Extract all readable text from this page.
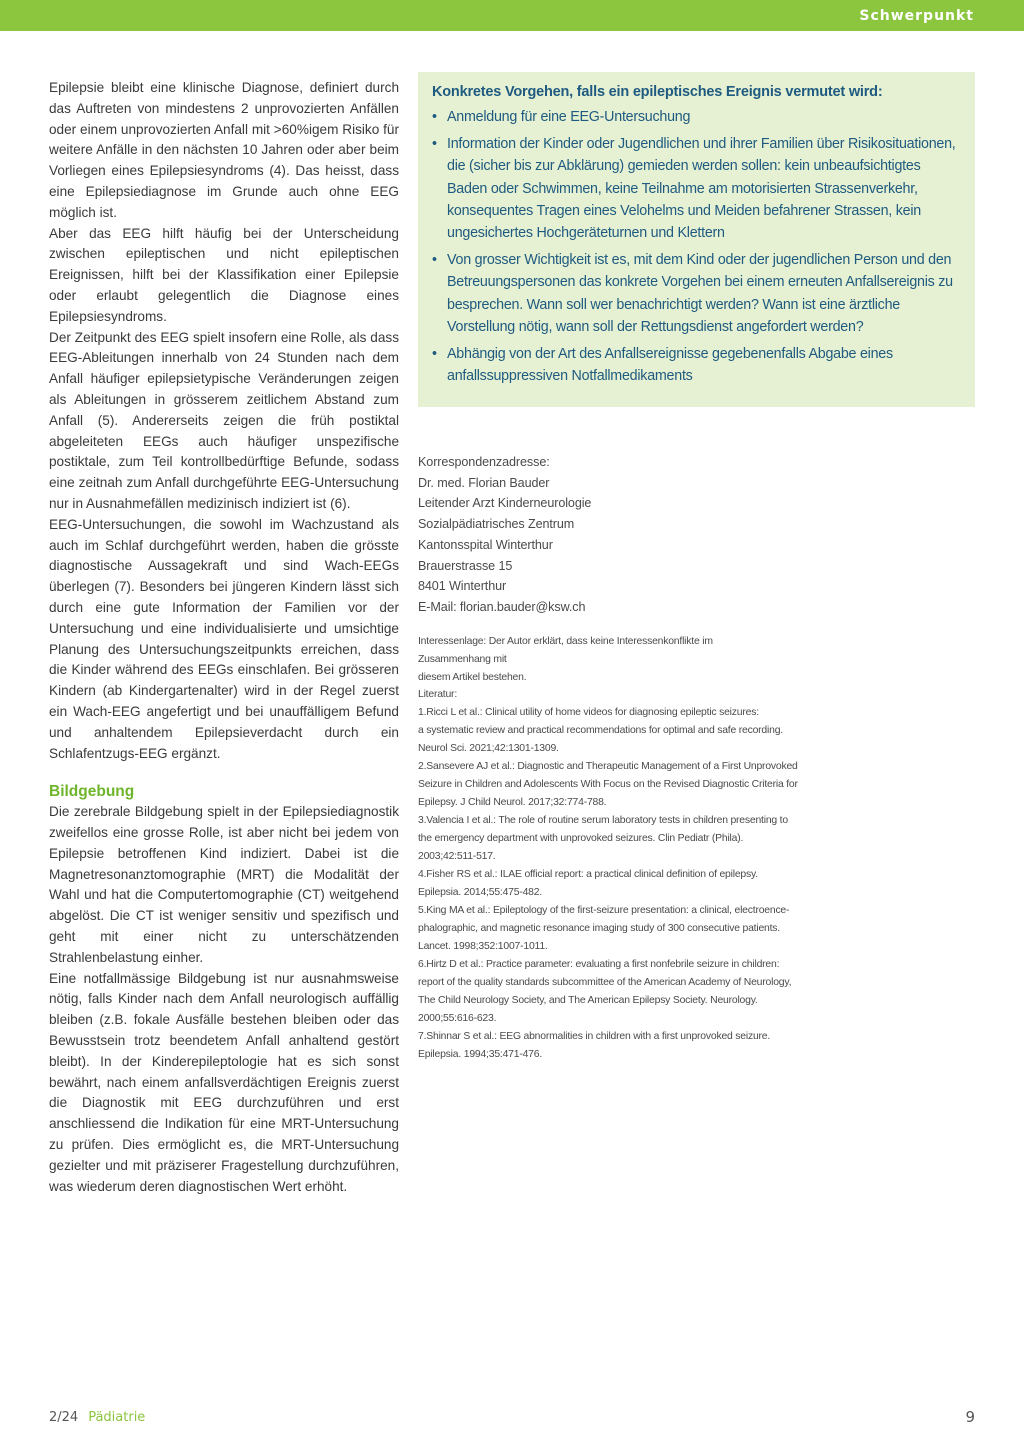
Schwerpunkt

Epilepsie bleibt eine klinische Diagnose, definiert durch das Auftreten von mindestens 2 unprovozierten Anfällen oder einem unprovozierten Anfall mit >60%igem Risiko für weitere Anfälle in den nächsten 10 Jahren oder aber beim Vorliegen eines Epilepsiesyndroms (4). Das heisst, dass eine Epilepsiediagnose im Grunde auch ohne EEG möglich ist.

Aber das EEG hilft häufig bei der Unterscheidung zwischen epileptischen und nicht epileptischen Ereignissen, hilft bei der Klassifikation einer Epilepsie oder erlaubt gelegentlich die Diagnose eines Epilepsiesyndroms.

Der Zeitpunkt des EEG spielt insofern eine Rolle, als dass EEG-Ableitungen innerhalb von 24 Stunden nach dem Anfall häufiger epilepsietypische Veränderungen zeigen als Ableitungen in grösserem zeitlichem Abstand zum Anfall (5). Andererseits zeigen die früh postiktal abgeleiteten EEGs auch häufiger unspezifische postiktale, zum Teil kontrollbedürftige Befunde, sodass eine zeitnah zum Anfall durchgeführte EEG-Untersuchung nur in Ausnahmefällen medizinisch indiziert ist (6).

EEG-Untersuchungen, die sowohl im Wachzustand als auch im Schlaf durchgeführt werden, haben die grösste diagnostische Aussagekraft und sind Wach-EEGs überlegen (7). Besonders bei jüngeren Kindern lässt sich durch eine gute Information der Familien vor der Untersuchung und eine individualisierte und umsichtige Planung des Untersuchungszeitpunkts erreichen, dass die Kinder während des EEGs einschlafen. Bei grösseren Kindern (ab Kindergartenalter) wird in der Regel zuerst ein Wach-EEG angefertigt und bei unauffälligem Befund und anhaltendem Epilepsieverdacht durch ein Schlafentzugs-EEG ergänzt.

Bildgebung

Die zerebrale Bildgebung spielt in der Epilepsiediagnostik zweifellos eine grosse Rolle, ist aber nicht bei jedem von Epilepsie betroffenen Kind indiziert. Dabei ist die Magnetresonanztomographie (MRT) die Modalität der Wahl und hat die Computertomographie (CT) weitgehend abgelöst. Die CT ist weniger sensitiv und spezifisch und geht mit einer nicht zu unterschätzenden Strahlenbelastung einher.

Eine notfallmässige Bildgebung ist nur ausnahmsweise nötig, falls Kinder nach dem Anfall neurologisch auffällig bleiben (z.B. fokale Ausfälle bestehen bleiben oder das Bewusstsein trotz beendetem Anfall anhaltend gestört bleibt). In der Kinderepileptologie hat es sich sonst bewährt, nach einem anfallsverdächtigen Ereignis zuerst die Diagnostik mit EEG durchzuführen und erst anschliessend die Indikation für eine MRT-Untersuchung zu prüfen. Dies ermöglicht es, die MRT-Untersuchung gezielter und mit präziserer Fragestellung durchzuführen, was wiederum deren diagnostischen Wert erhöht.

Konkretes Vorgehen, falls ein epileptisches Ereignis vermutet wird:
• Anmeldung für eine EEG-Untersuchung
• Information der Kinder oder Jugendlichen und ihrer Familien über Risikosituationen, die (sicher bis zur Abklärung) gemieden werden sollen: kein unbeaufsichtigtes Baden oder Schwimmen, keine Teilnahme am motorisierten Strassenverkehr, konsequentes Tragen eines Velohelms und Meiden befahrener Strassen, kein ungesichertes Hochgeräteturnen und Klettern
• Von grosser Wichtigkeit ist es, mit dem Kind oder der jugendlichen Person und den Betreuungspersonen das konkrete Vorgehen bei einem erneuten Anfallsereignis zu besprechen. Wann soll wer benachrichtigt werden? Wann ist eine ärztliche Vorstellung nötig, wann soll der Rettungsdienst angefordert werden?
• Abhängig von der Art des Anfallsereignisse gegebenenfalls Abgabe eines anfallssuppressiven Notfallmedikaments
Korrespondenzadresse:
Dr. med. Florian Bauder
Leitender Arzt Kinderneurologie
Sozialpädiatrisches Zentrum
Kantonsspital Winterthur
Brauerstrasse 15
8401 Winterthur
E-Mail: florian.bauder@ksw.ch
Interessenlage: Der Autor erklärt, dass keine Interessenkonflikte im Zusammenhang mit
diesem Artikel bestehen.
Literatur:
1.Ricci L et al.: Clinical utility of home videos for diagnosing epileptic seizures:
a systematic review and practical recommendations for optimal and safe recording.
Neurol Sci. 2021;42:1301-1309.
2.Sansevere AJ et al.: Diagnostic and Therapeutic Management of a First Unprovoked
Seizure in Children and Adolescents With Focus on the Revised Diagnostic Criteria for
Epilepsy. J Child Neurol. 2017;32:774-788.
3.Valencia I et al.: The role of routine serum laboratory tests in children presenting to
the emergency department with unprovoked seizures. Clin Pediatr (Phila).
2003;42:511-517.
4.Fisher RS et al.: ILAE official report: a practical clinical definition of epilepsy.
Epilepsia. 2014;55:475-482.
5.King MA et al.: Epileptology of the first-seizure presentation: a clinical, electroence-
phalographic, and magnetic resonance imaging study of 300 consecutive patients.
Lancet. 1998;352:1007-1011.
6.Hirtz D et al.: Practice parameter: evaluating a first nonfebrile seizure in children:
report of the quality standards subcommittee of the American Academy of Neurology,
The Child Neurology Society, and The American Epilepsy Society. Neurology.
2000;55:616-623.
7.Shinnar S et al.: EEG abnormalities in children with a first unprovoked seizure.
Epilepsia. 1994;35:471-476.
2/24 Pädiatrie	9
